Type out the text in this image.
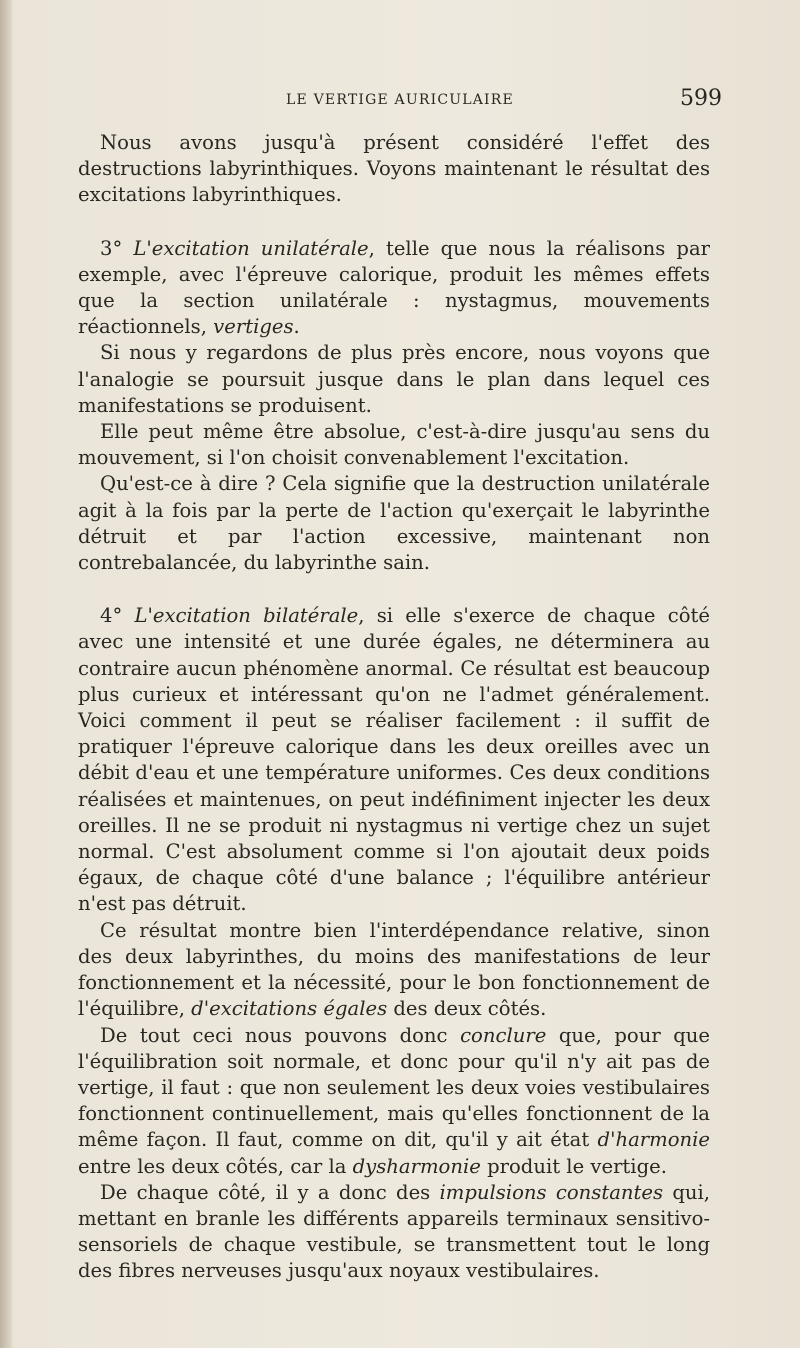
LE VERTIGE AURICULAIRE	599

Nous avons jusqu'à présent considéré l'effet des destructions labyrinthiques. Voyons maintenant le résultat des excitations labyrinthiques.

3° L'excitation unilatérale, telle que nous la réalisons par exemple, avec l'épreuve calorique, produit les mêmes effets que la section unilatérale : nystagmus, mouvements réactionnels, vertiges.

Si nous y regardons de plus près encore, nous voyons que l'analogie se poursuit jusque dans le plan dans lequel ces manifestations se produisent.

Elle peut même être absolue, c'est-à-dire jusqu'au sens du mouvement, si l'on choisit convenablement l'excitation.

Qu'est-ce à dire ? Cela signifie que la destruction unilatérale agit à la fois par la perte de l'action qu'exerçait le labyrinthe détruit et par l'action excessive, maintenant non contrebalancée, du labyrinthe sain.

4° L'excitation bilatérale, si elle s'exerce de chaque côté avec une intensité et une durée égales, ne déterminera au contraire aucun phénomène anormal. Ce résultat est beaucoup plus curieux et intéressant qu'on ne l'admet généralement. Voici comment il peut se réaliser facilement : il suffit de pratiquer l'épreuve calorique dans les deux oreilles avec un débit d'eau et une température uniformes. Ces deux conditions réalisées et maintenues, on peut indéfiniment injecter les deux oreilles. Il ne se produit ni nystagmus ni vertige chez un sujet normal. C'est absolument comme si l'on ajoutait deux poids égaux, de chaque côté d'une balance ; l'équilibre antérieur n'est pas détruit.

Ce résultat montre bien l'interdépendance relative, sinon des deux labyrinthes, du moins des manifestations de leur fonctionnement et la nécessité, pour le bon fonctionnement de l'équilibre, d'excitations égales des deux côtés.

De tout ceci nous pouvons donc conclure que, pour que l'équilibration soit normale, et donc pour qu'il n'y ait pas de vertige, il faut : que non seulement les deux voies vestibulaires fonctionnent continuellement, mais qu'elles fonctionnent de la même façon. Il faut, comme on dit, qu'il y ait état d'harmonie entre les deux côtés, car la dysharmonie produit le vertige.

De chaque côté, il y a donc des impulsions constantes qui, mettant en branle les différents appareils terminaux sensitivo-sensoriels de chaque vestibule, se transmettent tout le long des fibres nerveuses jusqu'aux noyaux vestibulaires.
